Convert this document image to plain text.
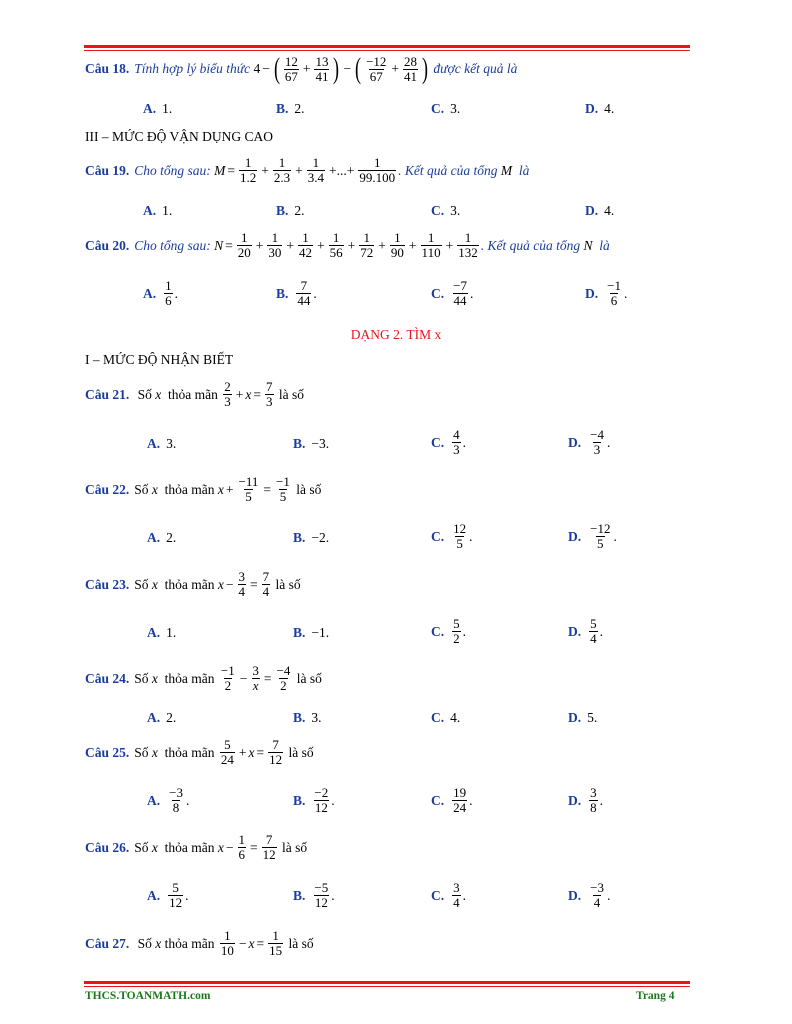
Câu 18. Tính hợp lý biểu thức
4 − ( $\frac{12}{67} + \frac{13}{41}$ ) − ( $\frac{-12}{67} + \frac{28}{41}$ )
được kết quả là
A. 1.	B. 2.	C. 3.	D. 4.
III – MỨC ĐỘ VẬN DỤNG CAO
Câu 19. Cho tổng sau:
$M = \frac{1}{1.2} + \frac{1}{2.3} + \frac{1}{3.4}$ +...+ $\frac{1}{99.100}$ . Kết quả của tổng
M
là
A. 1.	B. 2.	C. 3.	D. 4.
Câu 20. Cho tổng sau:
$N = \frac{1}{20} + \frac{1}{30} + \frac{1}{42} + \frac{1}{56} + \frac{1}{72} + \frac{1}{90} + \frac{1}{110} + \frac{1}{132}$ . Kết quả của tổng
N
là
A. $\frac{1}{6}$ .	B. $\frac{7}{44}$ .	C. $\frac{-7}{44}$ .	D. $\frac{-1}{6}$ .
DẠNG 2. TÌM x
I – MỨC ĐỘ NHẬN BIẾT
Câu 21.
Số
x
thỏa mãn
$\frac{2}{3} + x = \frac{7}{3}$
là số
A. 3.	B. −3.	C. $\frac{4}{3}$ .	D. $\frac{-4}{3}$ .
Câu 22. Số
x
thỏa mãn
$x + \frac{-11}{5} = \frac{-1}{5}$
là số
A. 2.	B. −2.	C. $\frac{12}{5}$ .	D. $\frac{-12}{5}$ .
Câu 23. Số
x
thỏa mãn
$x - \frac{3}{4} = \frac{7}{4}$
là số
A. 1.	B. −1.	C. $\frac{5}{2}$ .	D. $\frac{5}{4}$ .
Câu 24. Số
x
thỏa mãn
$\frac{-1}{2} - \frac{3}{x} = \frac{-4}{2}$
là số
A. 2.	B. 3.	C. 4.	D. 5.
Câu 25. Số
x
thỏa mãn
$\frac{5}{24} + x = \frac{7}{12}$
là số
A. $\frac{-3}{8}$ .	B. $\frac{-2}{12}$ .	C. $\frac{19}{24}$ .	D. $\frac{3}{8}$ .
Câu 26. Số
x
thỏa mãn
$x - \frac{1}{6} = \frac{7}{12}$
là số
A. $\frac{5}{12}$ .	B. $\frac{-5}{12}$ .	C. $\frac{3}{4}$ .	D. $\frac{-3}{4}$ .
Câu 27.
Số
x
thỏa mãn
$\frac{1}{10} - x = \frac{1}{15}$
là số
THCS.TOANMATH.com	Trang 4
